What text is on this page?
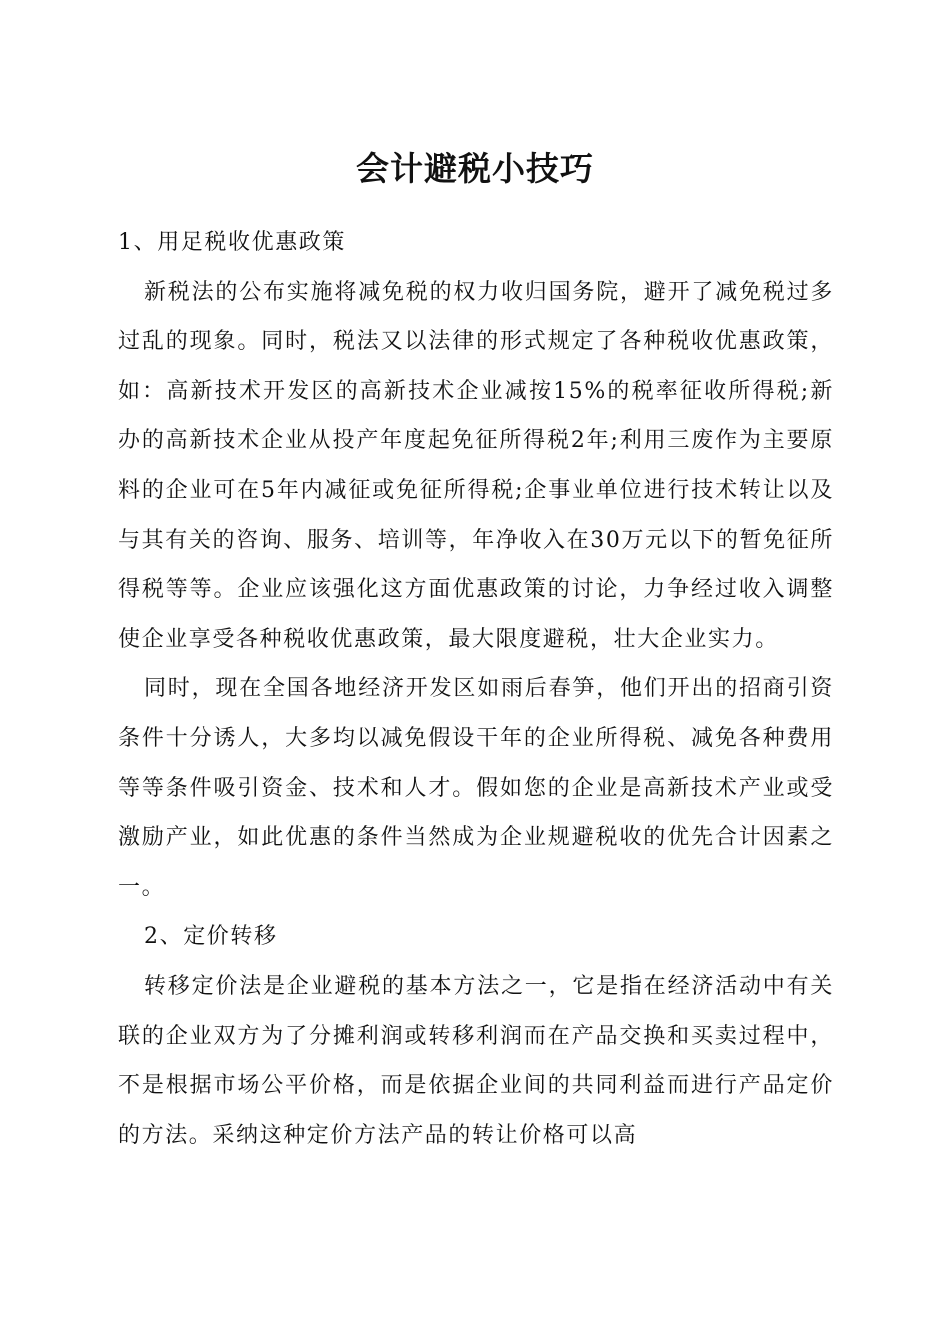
会计避税小技巧
1、用足税收优惠政策

新税法的公布实施将减免税的权力收归国务院，避开了减免税过多过乱的现象。同时，税法又以法律的形式规定了各种税收优惠政策，如：高新技术开发区的高新技术企业减按15%的税率征收所得税;新办的高新技术企业从投产年度起免征所得税2年;利用三废作为主要原料的企业可在5年内减征或免征所得税;企事业单位进行技术转让以及与其有关的咨询、服务、培训等，年净收入在30万元以下的暂免征所得税等等。企业应该强化这方面优惠政策的讨论，力争经过收入调整使企业享受各种税收优惠政策，最大限度避税，壮大企业实力。

同时，现在全国各地经济开发区如雨后春笋，他们开出的招商引资条件十分诱人，大多均以减免假设干年的企业所得税、减免各种费用等等条件吸引资金、技术和人才。假如您的企业是高新技术产业或受激励产业，如此优惠的条件当然成为企业规避税收的优先合计因素之一。

2、定价转移

转移定价法是企业避税的基本方法之一，它是指在经济活动中有关联的企业双方为了分摊利润或转移利润而在产品交换和买卖过程中，不是根据市场公平价格，而是依据企业间的共同利益而进行产品定价的方法。采纳这种定价方法产品的转让价格可以高
